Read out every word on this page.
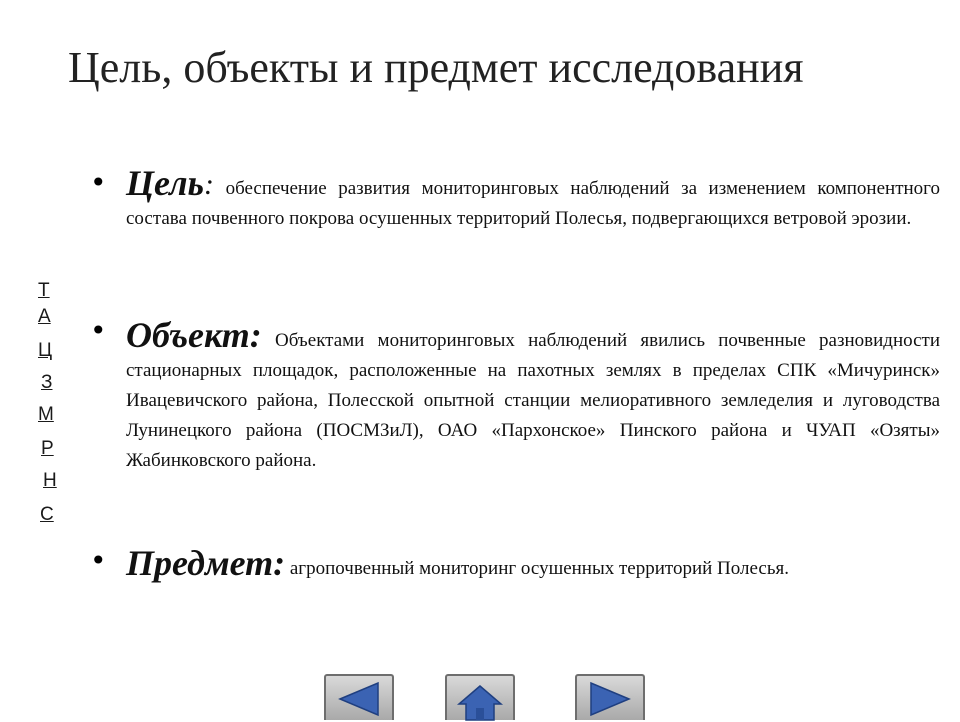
Цель, объекты и предмет исследования
Т
А
Ц
З
М
Р
Н
С
• Цель: обеспечение развития мониторинговых наблюдений за изменением компонентного состава почвенного покрова осушенных территорий Полесья, подвергающихся ветровой эрозии.
• Объект: Объектами мониторинговых наблюдений явились почвенные разновидности стационарных площадок, расположенные на пахотных землях в пределах СПК «Мичуринск» Ивацевичского района, Полесской опытной станции мелиоративного земледелия и луговодства Лунинецкого района (ПОСМЗиЛ), ОАО «Пархонское» Пинского района и ЧУАП «Озяты» Жабинковского района.
• Предмет: агропочвенный мониторинг осушенных территорий Полесья.
